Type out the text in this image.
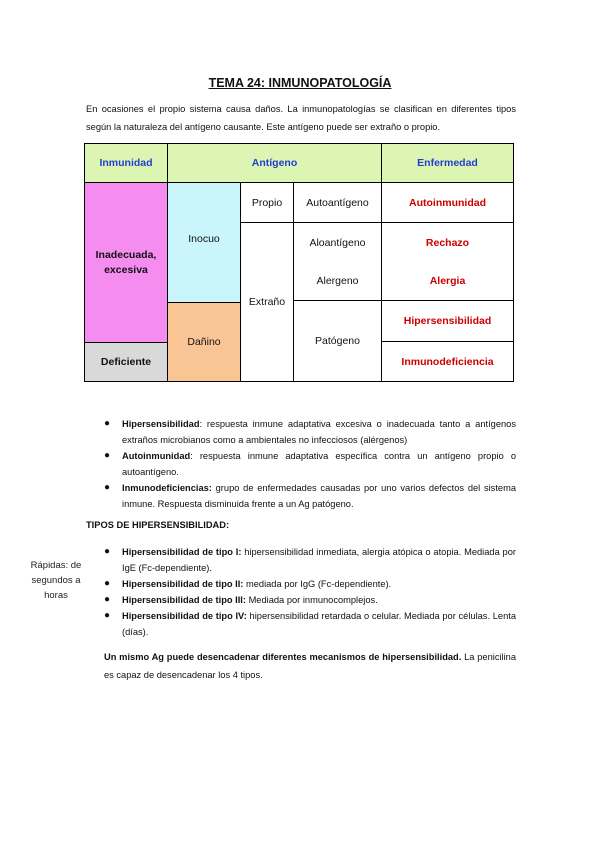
TEMA 24: INMUNOPATOLOGÍA
En ocasiones el propio sistema causa daños. La inmunopatologías se clasifican en diferentes tipos según la naturaleza del antígeno causante. Este antígeno puede ser extraño o propio.
Inmunidad	Antígeno	Enfermedad
Inadecuada, excesiva
Deficiente
Inocuo
Dañino
Propio
Extraño
Autoantígeno
Aloantígeno
Alergeno
Patógeno
Autoinmunidad
Rechazo
Alergia
Hipersensibilidad
Inmunodeficiencia
● Hipersensibilidad: respuesta inmune adaptativa excesiva o inadecuada tanto a antígenos extraños microbianos como a ambientales no infecciosos (alérgenos)
● Autoinmunidad: respuesta inmune adaptativa específica contra un antígeno propio o autoantígeno.
● Inmunodeficiencias: grupo de enfermedades causadas por uno varios defectos del sistema inmune. Respuesta disminuida frente a un Ag patógeno.
TIPOS DE HIPERSENSIBILIDAD:
Rápidas: de segundos a horas
● Hipersensibilidad de tipo I: hipersensibilidad inmediata, alergia atópica o atopia. Mediada por IgE (Fc-dependiente).
● Hipersensibilidad de tipo II: mediada por IgG (Fc-dependiente).
● Hipersensibilidad de tipo III: Mediada por inmunocomplejos.
● Hipersensibilidad de tipo IV: hipersensibilidad retardada o celular. Mediada por células. Lenta (días).
Un mismo Ag puede desencadenar diferentes mecanismos de hipersensibilidad. La penicilina es capaz de desencadenar los 4 tipos.
